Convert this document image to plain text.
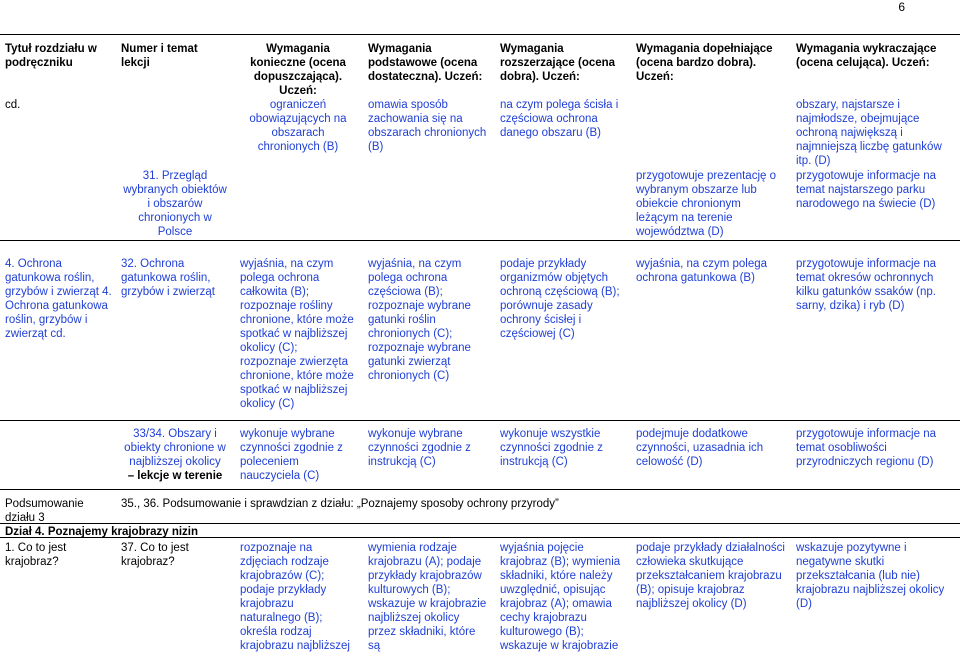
6
Tytuł rozdziału w podręczniku
Numer i temat lekcji
Wymagania konieczne (ocena dopuszczająca). Uczeń:
Wymagania podstawowe (ocena dostateczna). Uczeń:
Wymagania rozszerzające (ocena dobra). Uczeń:
Wymagania dopełniające (ocena bardzo dobra). Uczeń:
Wymagania wykraczające (ocena celująca). Uczeń:
cd.
31. Przegląd wybranych obiektów i obszarów chronionych w Polsce
ograniczeń obowiązujących na obszarach chronionych (B)
omawia sposób zachowania się na obszarach chronionych (B)
na czym polega ścisła i częściowa ochrona danego obszaru (B)
przygotowuje prezentację o wybranym obszarze lub obiekcie chronionym leżącym na terenie województwa (D)
obszary, najstarsze i najmłodsze, obejmujące ochroną największą i najmniejszą liczbę gatunków itp. (D)
przygotowuje informacje na temat najstarszego parku narodowego na świecie (D)
4. Ochrona gatunkowa roślin, grzybów i zwierząt 4. Ochrona gatunkowa roślin, grzybów i zwierząt cd.
32. Ochrona gatunkowa roślin, grzybów i zwierząt
wyjaśnia, na czym polega ochrona całkowita (B); rozpoznaje rośliny chronione, które może spotkać w najbliższej okolicy (C); rozpoznaje zwierzęta chronione, które może spotkać w najbliższej okolicy (C)
wyjaśnia, na czym polega ochrona częściowa (B); rozpoznaje wybrane gatunki roślin chronionych (C); rozpoznaje wybrane gatunki zwierząt chronionych (C)
podaje przykłady organizmów objętych ochroną częściową (B); porównuje zasady ochrony ścisłej i częściowej (C)
wyjaśnia, na czym polega ochrona gatunkowa (B)
przygotowuje informacje na temat okresów ochronnych kilku gatunków ssaków (np. sarny, dzika) i ryb (D)
33/34. Obszary i obiekty chronione w najbliższej okolicy
– lekcje w terenie
wykonuje wybrane czynności zgodnie z poleceniem nauczyciela (C)
wykonuje wybrane czynności zgodnie z instrukcją (C)
wykonuje wszystkie czynności zgodnie z instrukcją (C)
podejmuje dodatkowe czynności, uzasadnia ich celowość (D)
przygotowuje informacje na temat osobliwości przyrodniczych regionu (D)
Podsumowanie działu 3
35., 36. Podsumowanie i sprawdzian z działu: „Poznajemy sposoby ochrony przyrody”
Dział 4. Poznajemy krajobrazy nizin
1. Co to jest krajobraz?
37. Co to jest krajobraz?
rozpoznaje na zdjęciach rodzaje krajobrazów (C); podaje przykłady krajobrazu naturalnego (B); określa rodzaj krajobrazu najbliższej
wymienia rodzaje krajobrazu (A); podaje przykłady krajobrazów kulturowych (B); wskazuje w krajobrazie najbliższej okolicy przez składniki, które są
wyjaśnia pojęcie krajobraz (B); wymienia składniki, które należy uwzględnić, opisując krajobraz (A); omawia cechy krajobrazu kulturowego (B); wskazuje w krajobrazie
podaje przykłady działalności człowieka skutkujące przekształcaniem krajobrazu (B); opisuje krajobraz najbliższej okolicy (D)
wskazuje pozytywne i negatywne skutki przekształcania (lub nie) krajobrazu najbliższej okolicy (D)
